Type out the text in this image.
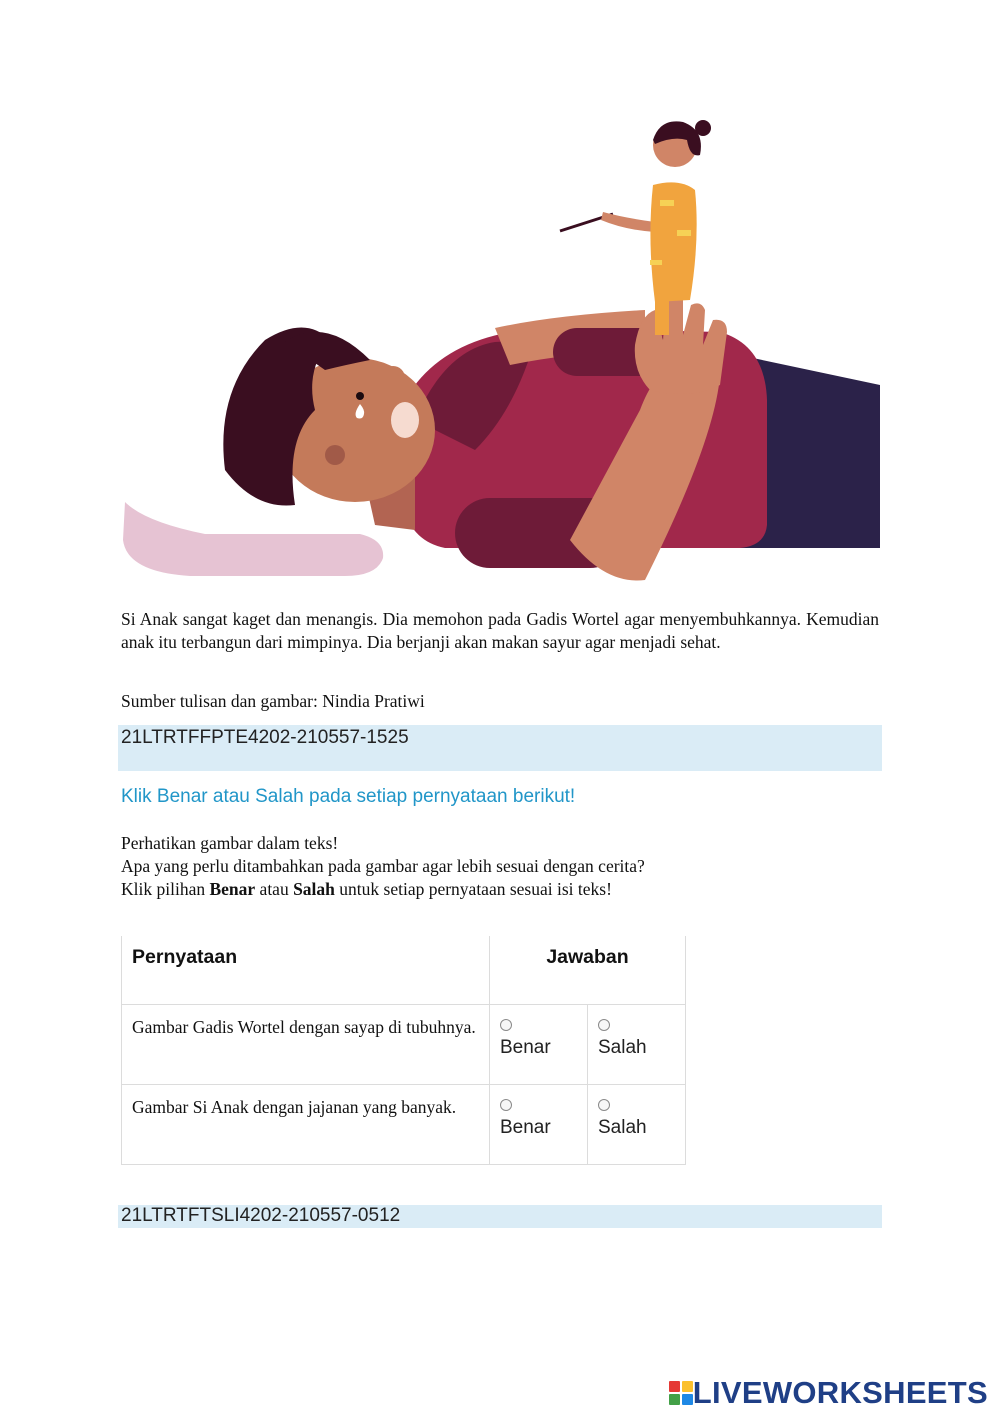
Si Anak sangat kaget dan menangis. Dia memohon pada Gadis Wortel agar menyembuhkannya. Kemudian anak itu terbangun dari mimpinya. Dia berjanji akan makan sayur agar menjadi sehat.
Sumber tulisan dan gambar: Nindia Pratiwi
21LTRTFFPTE4202-210557-1525
Klik Benar atau Salah pada setiap pernyataan berikut!
Perhatikan gambar dalam teks!
Apa yang perlu ditambahkan pada gambar agar lebih sesuai dengan cerita?
Klik pilihan Benar atau Salah untuk setiap pernyataan sesuai isi teks!
Pernyataan	Jawaban	
Gambar Gadis Wortel dengan sayap di tubuhnya.	Benar	Salah
Gambar Si Anak dengan jajanan yang banyak.	Benar	Salah
21LTRTFTSLI4202-210557-0512
LIVEWORKSHEETS
